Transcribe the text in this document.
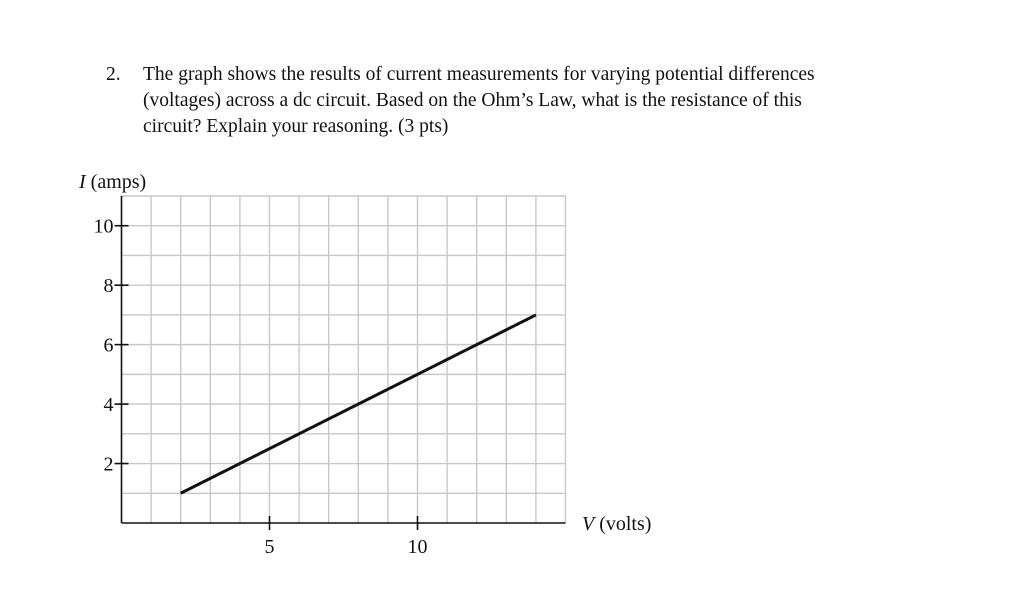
2. The graph shows the results of current measurements for varying potential differences
(voltages) across a dc circuit. Based on the Ohm’s Law, what is the resistance of this
circuit? Explain your reasoning. (3 pts)
2
4
6
8
10
5	10
I (amps)
V (volts)
